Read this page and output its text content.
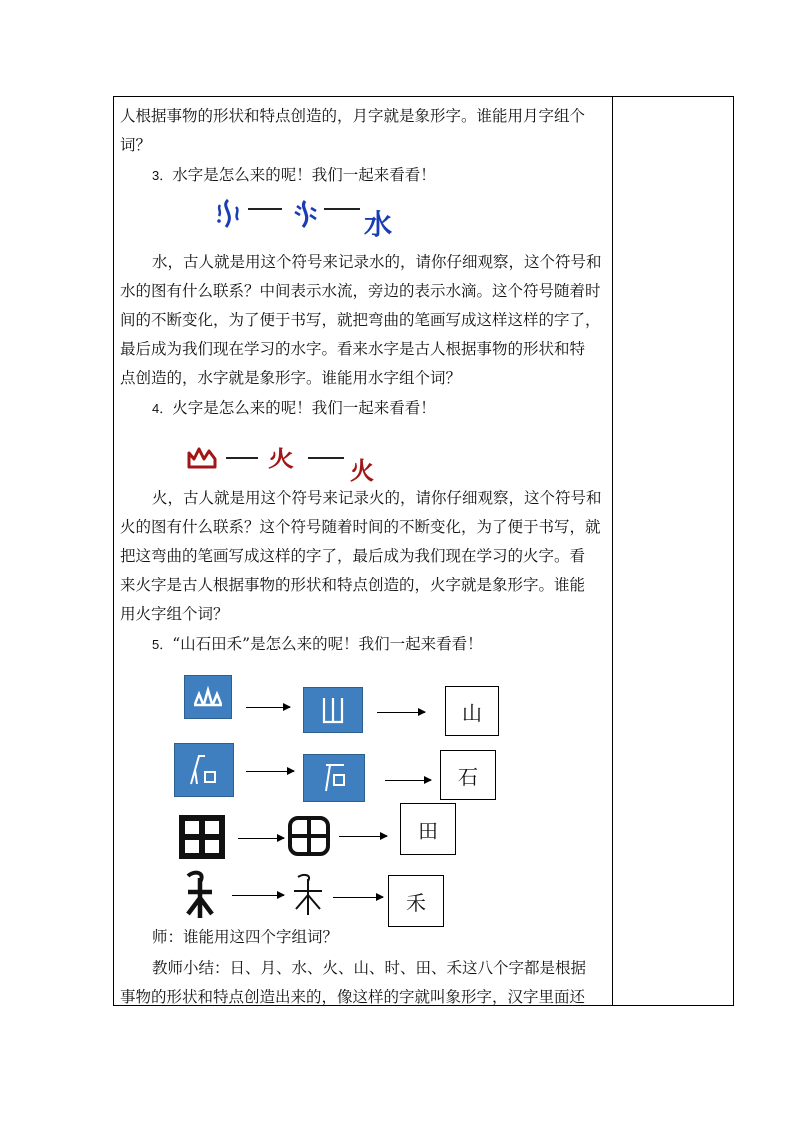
人根据事物的形状和特点创造的，月字就是象形字。谁能用月字组个
词？
3．水字是怎么来的呢！我们一起来看看！
水
水，古人就是用这个符号来记录水的，请你仔细观察，这个符号和
水的图有什么联系？中间表示水流，旁边的表示水滴。这个符号随着时
间的不断变化，为了便于书写，就把弯曲的笔画写成这样这样的字了，
最后成为我们现在学习的水字。看来水字是古人根据事物的形状和特
点创造的，水字就是象形字。谁能用水字组个词？
4．火字是怎么来的呢！我们一起来看看！
火 火
火，古人就是用这个符号来记录火的，请你仔细观察，这个符号和
火的图有什么联系？这个符号随着时间的不断变化，为了便于书写，就
把这弯曲的笔画写成这样的字了，最后成为我们现在学习的火字。看
来火字是古人根据事物的形状和特点创造的，火字就是象形字。谁能
用火字组个词？
5．“山石田禾”是怎么来的呢！我们一起来看看！
山
石
田
禾
师：谁能用这四个字组词？
教师小结：日、月、水、火、山、时、田、禾这八个字都是根据
事物的形状和特点创造出来的，像这样的字就叫象形字，汉字里面还
